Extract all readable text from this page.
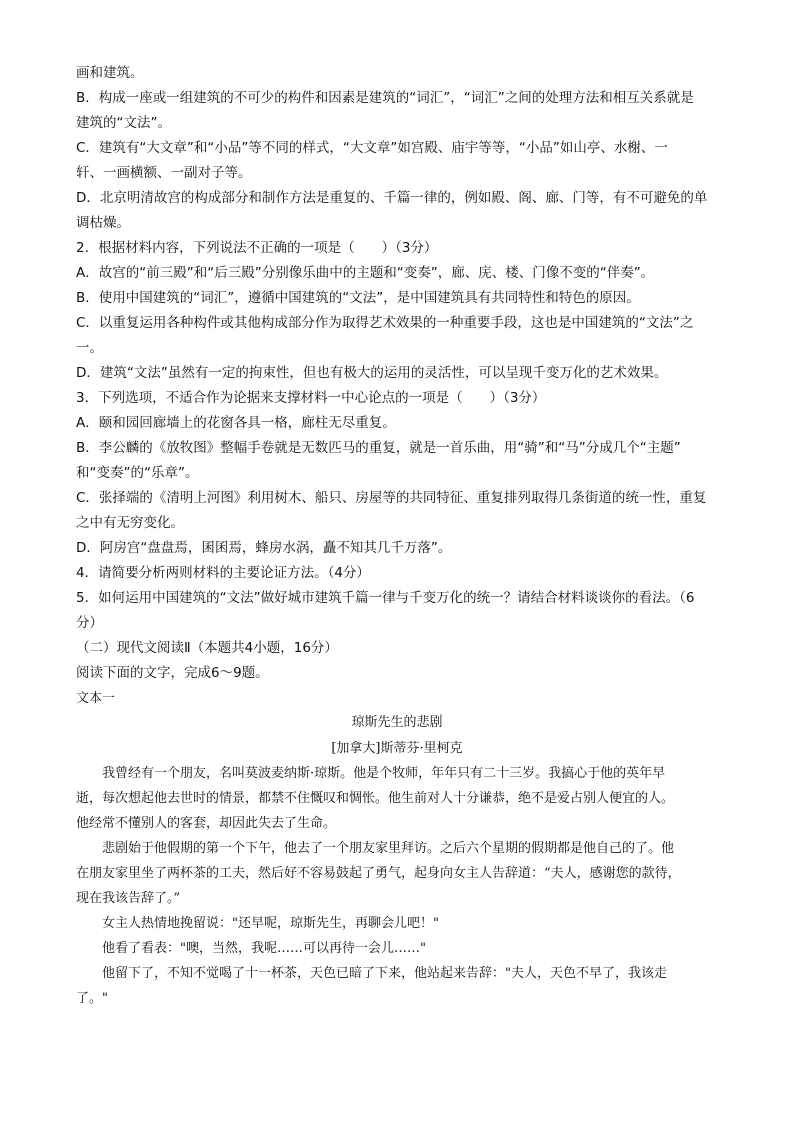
画和建筑。
B．构成一座或一组建筑的不可少的构件和因素是建筑的“词汇”，“词汇”之间的处理方法和相互关系就是
建筑的“文法”。
C．建筑有“大文章”和“小品”等不同的样式，“大文章”如宫殿、庙宇等等，“小品”如山亭、水榭、一
轩、一画横额、一副对子等。
D．北京明清故宫的构成部分和制作方法是重复的、千篇一律的，例如殿、阁、廊、门等，有不可避免的单
调枯燥。
2．根据材料内容，下列说法不正确的一项是（　　）（3分）
A．故宫的“前三殿”和“后三殿”分别像乐曲中的主题和“变奏”，廊、庑、楼、门像不变的“伴奏”。
B．使用中国建筑的“词汇”，遵循中国建筑的“文法”，是中国建筑具有共同特性和特色的原因。
C．以重复运用各种构件或其他构成部分作为取得艺术效果的一种重要手段，这也是中国建筑的“文法”之
一。
D．建筑“文法”虽然有一定的拘束性，但也有极大的运用的灵活性，可以呈现千变万化的艺术效果。
3．下列选项，不适合作为论据来支撑材料一中心论点的一项是（　　）（3分）
A．颐和园回廊墙上的花窗各具一格，廊柱无尽重复。
B．李公麟的《放牧图》整幅手卷就是无数匹马的重复，就是一首乐曲，用“骑”和“马”分成几个“主题”
和“变奏”的“乐章”。
C．张择端的《清明上河图》利用树木、船只、房屋等的共同特征、重复排列取得几条街道的统一性，重复
之中有无穷变化。
D．阿房宫“盘盘焉，囷囷焉，蜂房水涡，矗不知其几千万落”。
4．请简要分析两则材料的主要论证方法。（4分）
5．如何运用中国建筑的“文法”做好城市建筑千篇一律与千变万化的统一？请结合材料谈谈你的看法。（6
分）
（二）现代文阅读Ⅱ（本题共4小题，16分）
阅读下面的文字，完成6～9题。
文本一
琼斯先生的悲剧
[加拿大]斯蒂芬·里柯克
我曾经有一个朋友，名叫莫波麦纳斯·琼斯。他是个牧师，年年只有二十三岁。我搞心于他的英年早
逝，每次想起他去世时的情景，都禁不住慨叹和惆怅。他生前对人十分谦恭，绝不是爱占别人便宜的人。
他经常不懂别人的客套，却因此失去了生命。
悲剧始于他假期的第一个下午，他去了一个朋友家里拜访。之后六个星期的假期都是他自己的了。他
在朋友家里坐了两杯茶的工夫，然后好不容易鼓起了勇气，起身向女主人告辞道：“夫人，感谢您的款待，
现在我该告辞了。”
女主人热情地挽留说："还早呢，琼斯先生，再聊会儿吧！"
他看了看表："噢，当然，我呢……可以再待一会儿……"
他留下了，不知不觉喝了十一杯茶，天色已暗了下来，他站起来告辞："夫人，天色不早了，我该走
了。"
